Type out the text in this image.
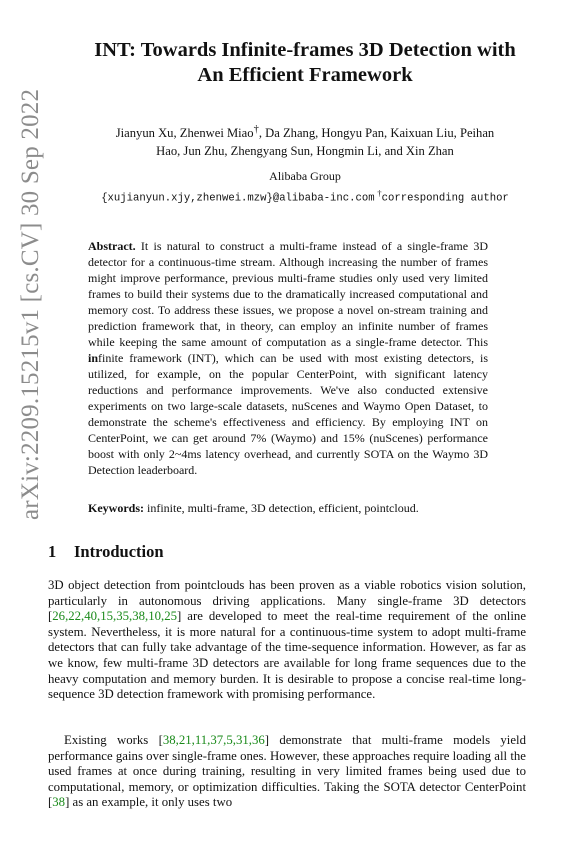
arXiv:2209.15215v1 [cs.CV] 30 Sep 2022
INT: Towards Infinite-frames 3D Detection with
An Efficient Framework
Jianyun Xu, Zhenwei Miao†, Da Zhang, Hongyu Pan, Kaixuan Liu, Peihan
Hao, Jun Zhu, Zhengyang Sun, Hongmin Li, and Xin Zhan
Alibaba Group
{xujianyun.xjy,zhenwei.mzw}@alibaba-inc.com †corresponding author
Abstract. It is natural to construct a multi-frame instead of a single-frame 3D detector for a continuous-time stream. Although increasing the number of frames might improve performance, previous multi-frame studies only used very limited frames to build their systems due to the dramatically increased computational and memory cost. To address these issues, we propose a novel on-stream training and prediction framework that, in theory, can employ an infinite number of frames while keeping the same amount of computation as a single-frame detector. This infinite framework (INT), which can be used with most existing detectors, is utilized, for example, on the popular CenterPoint, with significant latency reductions and performance improvements. We've also conducted extensive experiments on two large-scale datasets, nuScenes and Waymo Open Dataset, to demonstrate the scheme's effectiveness and efficiency. By employing INT on CenterPoint, we can get around 7% (Waymo) and 15% (nuScenes) performance boost with only 2~4ms latency overhead, and currently SOTA on the Waymo 3D Detection leaderboard.
Keywords: infinite, multi-frame, 3D detection, efficient, pointcloud.
1 Introduction

3D object detection from pointclouds has been proven as a viable robotics vision solution, particularly in autonomous driving applications. Many single-frame 3D detectors [26,22,40,15,35,38,10,25] are developed to meet the real-time requirement of the online system. Nevertheless, it is more natural for a continuous-time system to adopt multi-frame detectors that can fully take advantage of the time-sequence information. However, as far as we know, few multi-frame 3D detectors are available for long frame sequences due to the heavy computation and memory burden. It is desirable to propose a concise real-time long-sequence 3D detection framework with promising performance.

Existing works [38,21,11,37,5,31,36] demonstrate that multi-frame models yield performance gains over single-frame ones. However, these approaches require loading all the used frames at once during training, resulting in very limited frames being used due to computational, memory, or optimization difficulties. Taking the SOTA detector CenterPoint [38] as an example, it only uses two
